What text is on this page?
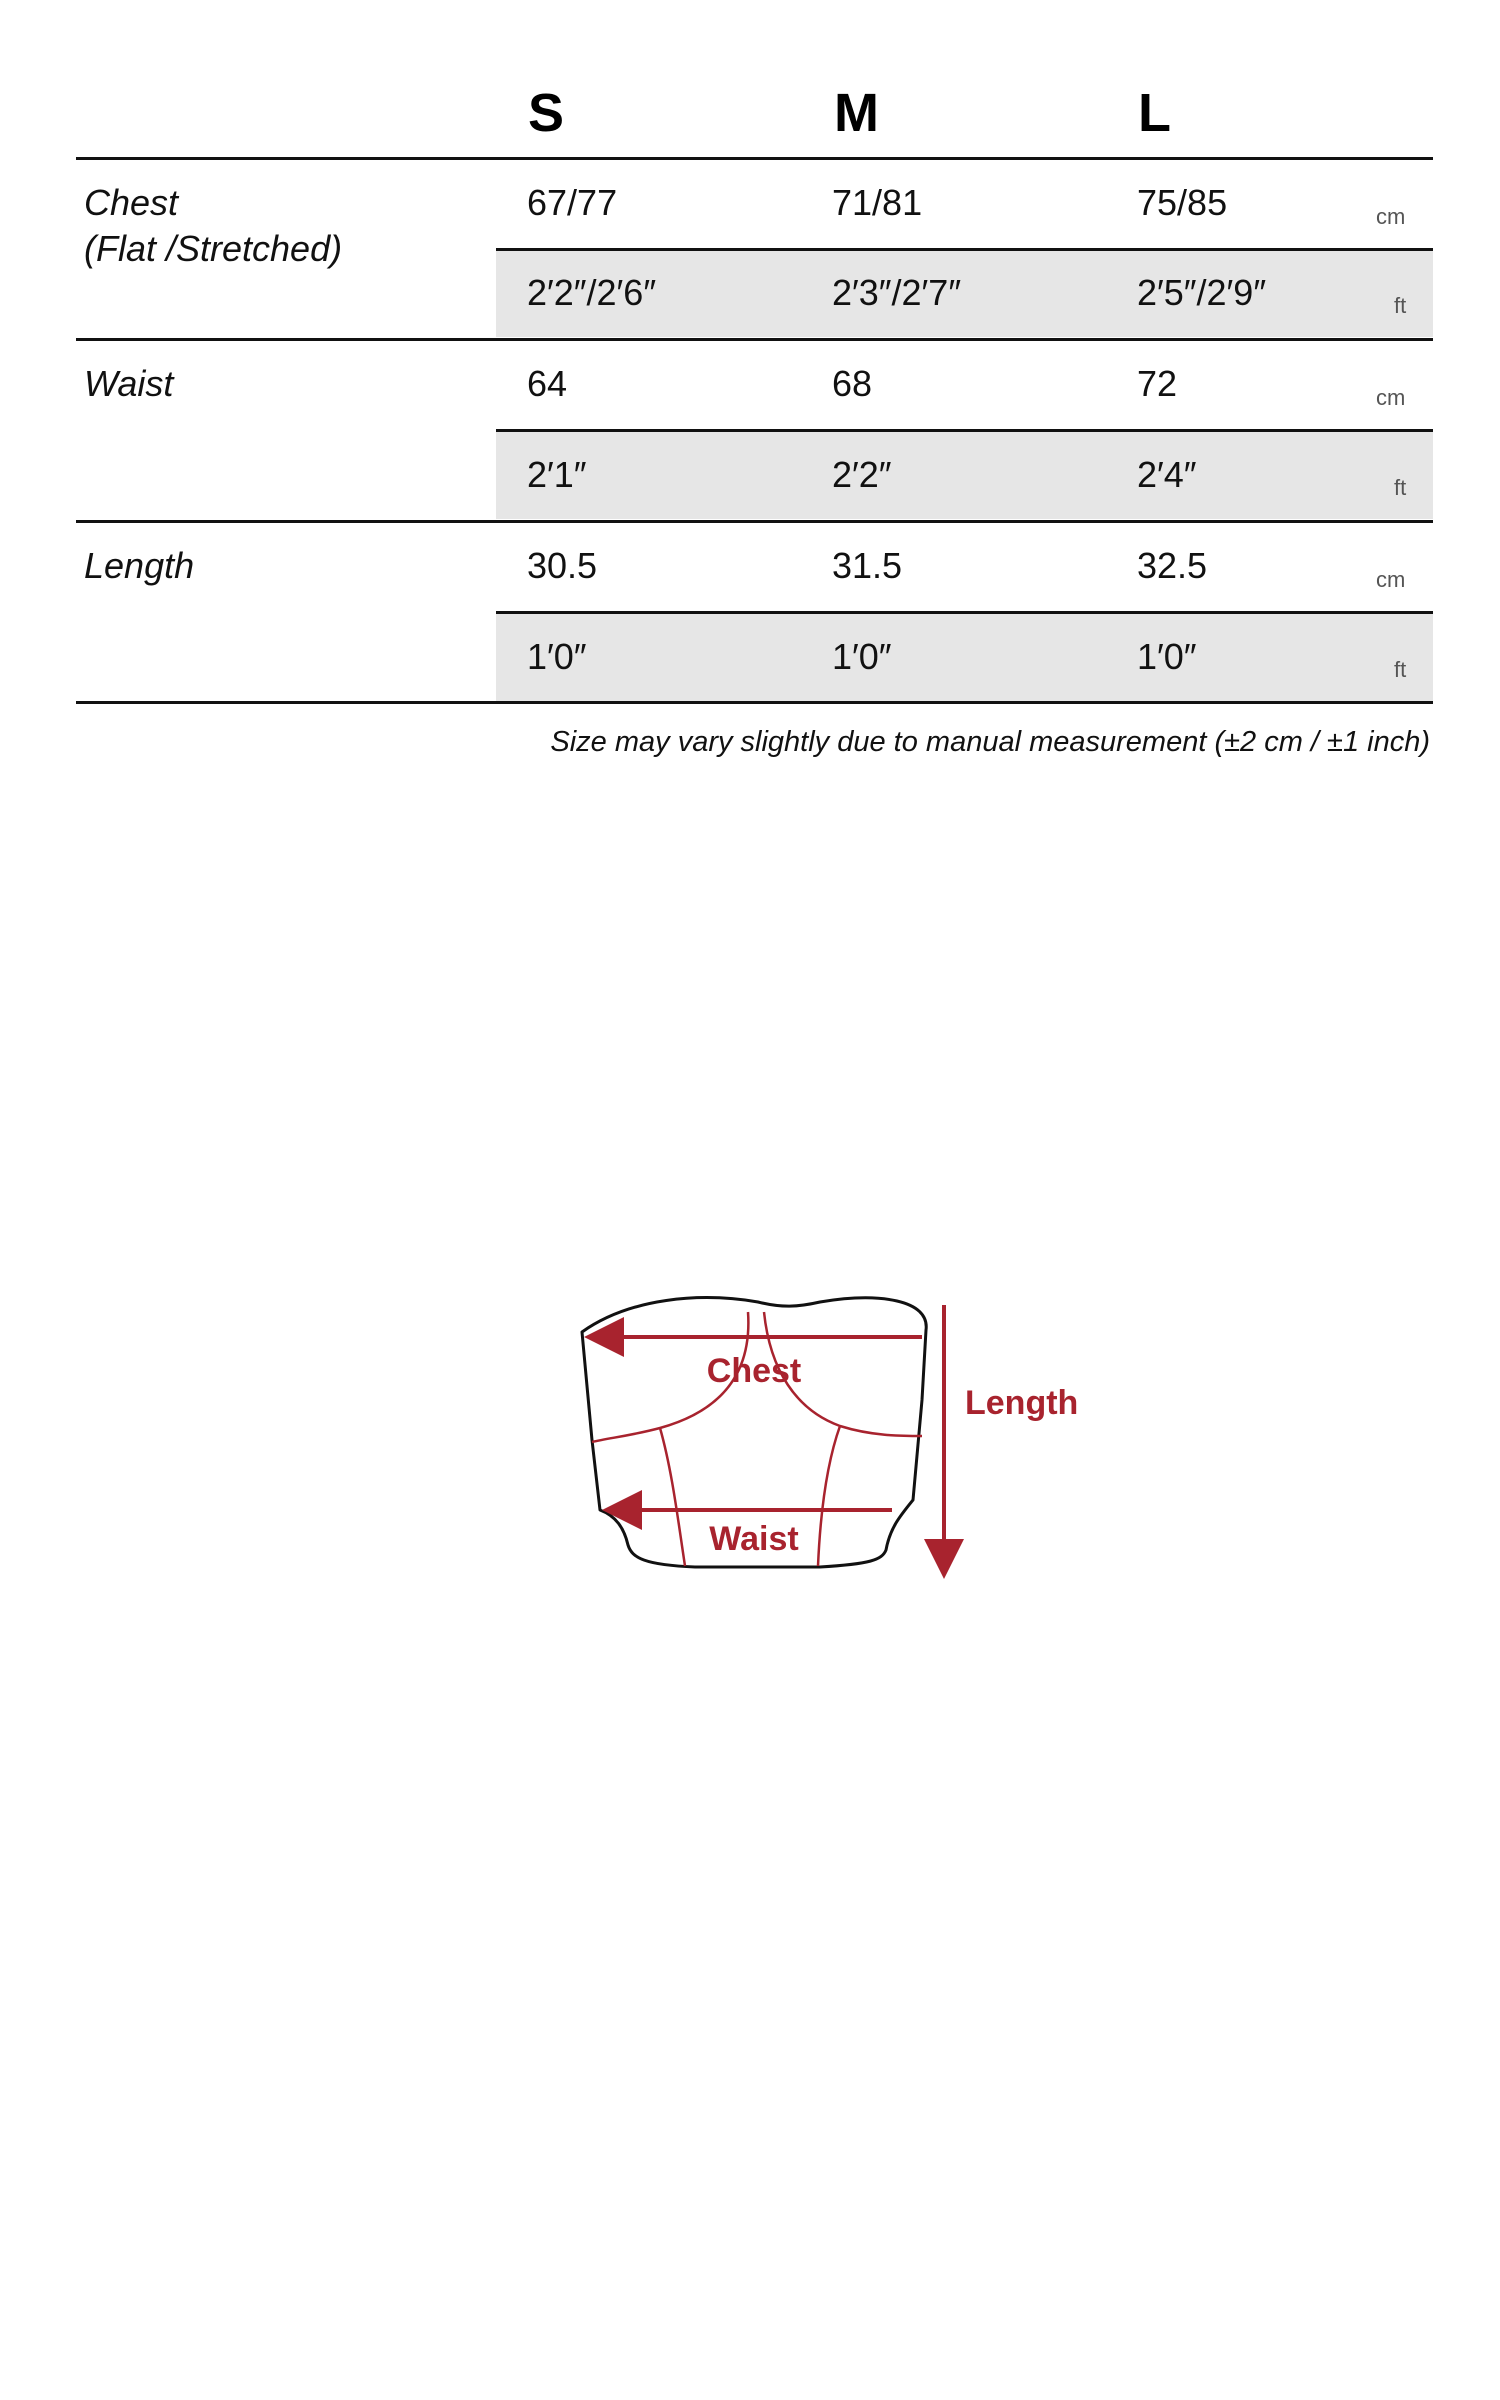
S	M	L
Chest
(Flat /Stretched)
67/77	71/81	75/85	cm
2′2″/2′6″	2′3″/2′7″	2′5″/2′9″	ft
Waist	64	68	72	cm
2′1″	2′2″	2′4″	ft
Length	30.5	31.5	32.5	cm
1′0″	1′0″	1′0″	ft
Size may vary slightly due to manual measurement (±2 cm / ±1 inch)
Chest
Waist
Length
